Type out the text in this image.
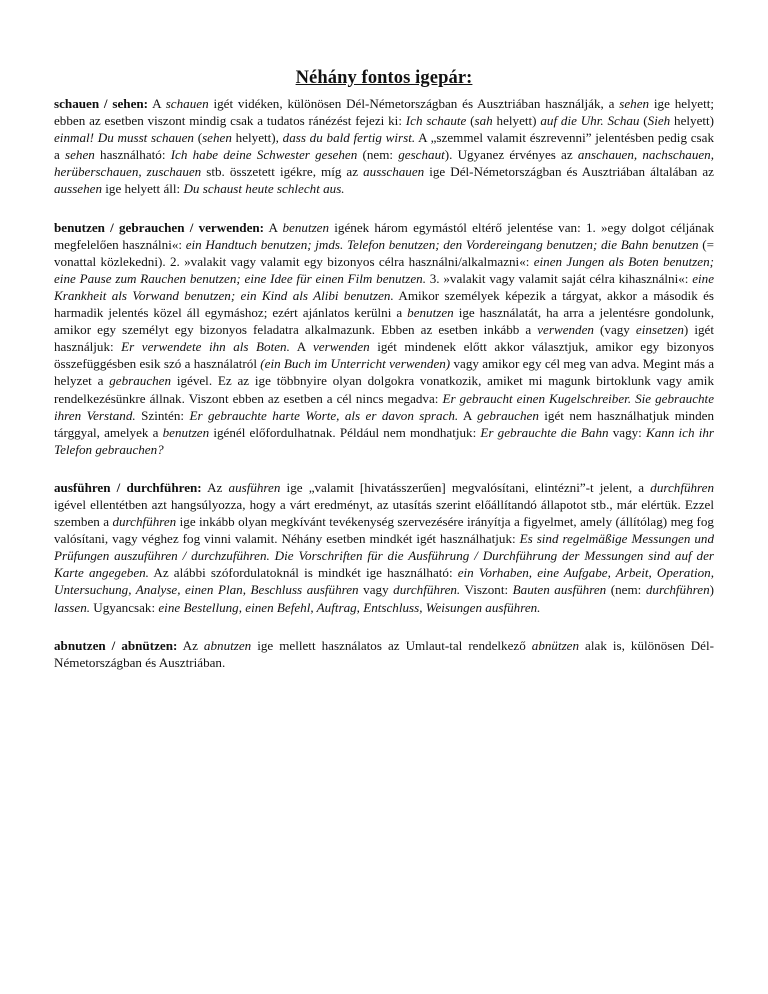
Néhány fontos igepár:

schauen / sehen: A schauen igét vidéken, különösen Dél-Németországban és Ausztriában használják, a sehen ige helyett; ebben az esetben viszont mindig csak a tudatos ránézést fejezi ki: Ich schaute (sah helyett) auf die Uhr. Schau (Sieh helyett) einmal! Du musst schauen (sehen helyett), dass du bald fertig wirst. A „szemmel valamit észrevenni” jelentésben pedig csak a sehen használható: Ich habe deine Schwester gesehen (nem: geschaut). Ugyanez érvényes az anschauen, nachschauen, herüberschauen, zuschauen stb. összetett igékre, míg az ausschauen ige Dél-Németországban és Ausztriában általában az aussehen ige helyett áll: Du schaust heute schlecht aus.

benutzen / gebrauchen / verwenden: A benutzen igének három egymástól eltérő jelentése van: 1. »egy dolgot céljának megfelelően használni«: ein Handtuch benutzen; jmds. Telefon benutzen; den Vordereingang benutzen; die Bahn benutzen (= vonattal közlekedni). 2. »valakit vagy valamit egy bizonyos célra használni/alkalmazni«: einen Jungen als Boten benutzen; eine Pause zum Rauchen benutzen; eine Idee für einen Film benutzen. 3. »valakit vagy valamit saját célra kihasználni«: eine Krankheit als Vorwand benutzen; ein Kind als Alibi benutzen. Amikor személyek képezik a tárgyat, akkor a második és harmadik jelentés közel áll egymáshoz; ezért ajánlatos kerülni a benutzen ige használatát, ha arra a jelentésre gondolunk, amikor egy személyt egy bizonyos feladatra alkalmazunk. Ebben az esetben inkább a verwenden (vagy einsetzen) igét használjuk: Er verwendete ihn als Boten. A verwenden igét mindenek előtt akkor választjuk, amikor egy bizonyos összefüggésben esik szó a használatról (ein Buch im Unterricht verwenden) vagy amikor egy cél meg van adva. Megint más a helyzet a gebrauchen igével. Ez az ige többnyire olyan dolgokra vonatkozik, amiket mi magunk birtoklunk vagy amik rendelkezésünkre állnak. Viszont ebben az esetben a cél nincs megadva: Er gebraucht einen Kugelschreiber. Sie gebrauchte ihren Verstand. Szintén: Er gebrauchte harte Worte, als er davon sprach. A gebrauchen igét nem használhatjuk minden tárggyal, amelyek a benutzen igénél előfordulhatnak. Például nem mondhatjuk: Er gebrauchte die Bahn vagy: Kann ich ihr Telefon gebrauchen?

ausführen / durchführen: Az ausführen ige „valamit [hivatásszerűen] megvalósítani, elintézni”-t jelent, a durchführen igével ellentétben azt hangsúlyozza, hogy a várt eredményt, az utasítás szerint előállítandó állapotot stb., már elértük. Ezzel szemben a durchführen ige inkább olyan megkívánt tevékenység szervezésére irányítja a figyelmet, amely (állítólag) meg fog valósítani, vagy véghez fog vinni valamit. Néhány esetben mindkét igét használhatjuk: Es sind regelmäßige Messungen und Prüfungen auszuführen / durchzuführen. Die Vorschriften für die Ausführung / Durchführung der Messungen sind auf der Karte angegeben. Az alábbi szófordulatoknál is mindkét ige használható: ein Vorhaben, eine Aufgabe, Arbeit, Operation, Untersuchung, Analyse, einen Plan, Beschluss ausführen vagy durchführen. Viszont: Bauten ausführen (nem: durchführen) lassen. Ugyancsak: eine Bestellung, einen Befehl, Auftrag, Entschluss, Weisungen ausführen.

abnutzen / abnützen: Az abnutzen ige mellett használatos az Umlaut-tal rendelkező abnützen alak is, különösen Dél-Németországban és Ausztriában.
